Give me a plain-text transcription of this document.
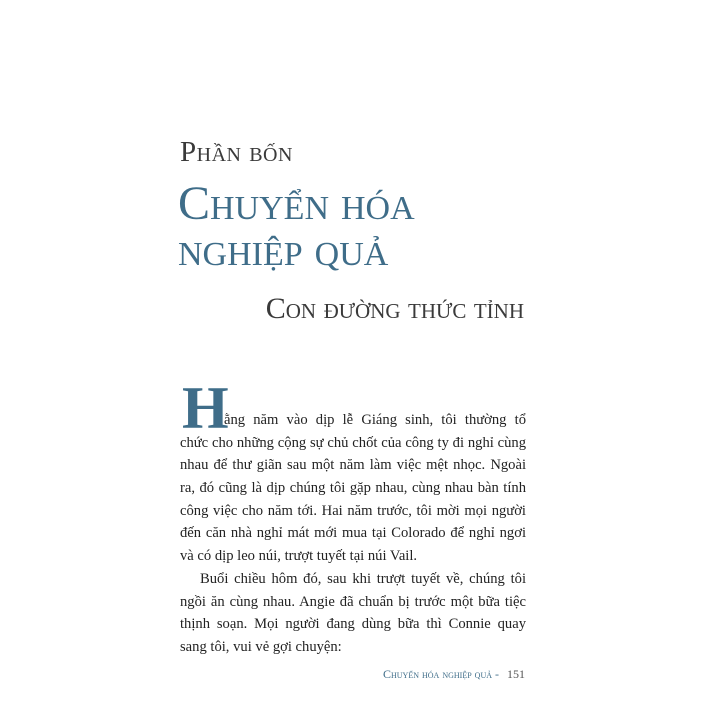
Phần bốn
Chuyển hóa
nghiệp quả
Con đường thức tỉnh
H
ằng năm vào dịp lễ Giáng sinh, tôi thường tổ
chức cho những cộng sự chủ chốt của công ty đi nghỉ cùng
nhau để thư giãn sau một năm làm việc mệt nhọc. Ngoài
ra, đó cũng là dịp chúng tôi gặp nhau, cùng nhau bàn tính
công việc cho năm tới. Hai năm trước, tôi mời mọi người
đến căn nhà nghỉ mát mới mua tại Colorado để nghỉ ngơi
và có dịp leo núi, trượt tuyết tại núi Vail.
Buổi chiều hôm đó, sau khi trượt tuyết về, chúng tôi
ngồi ăn cùng nhau. Angie đã chuẩn bị trước một bữa tiệc
thịnh soạn. Mọi người đang dùng bữa thì Connie quay
sang tôi, vui vẻ gợi chuyện:
Chuyển hóa nghiệp quả - 151
